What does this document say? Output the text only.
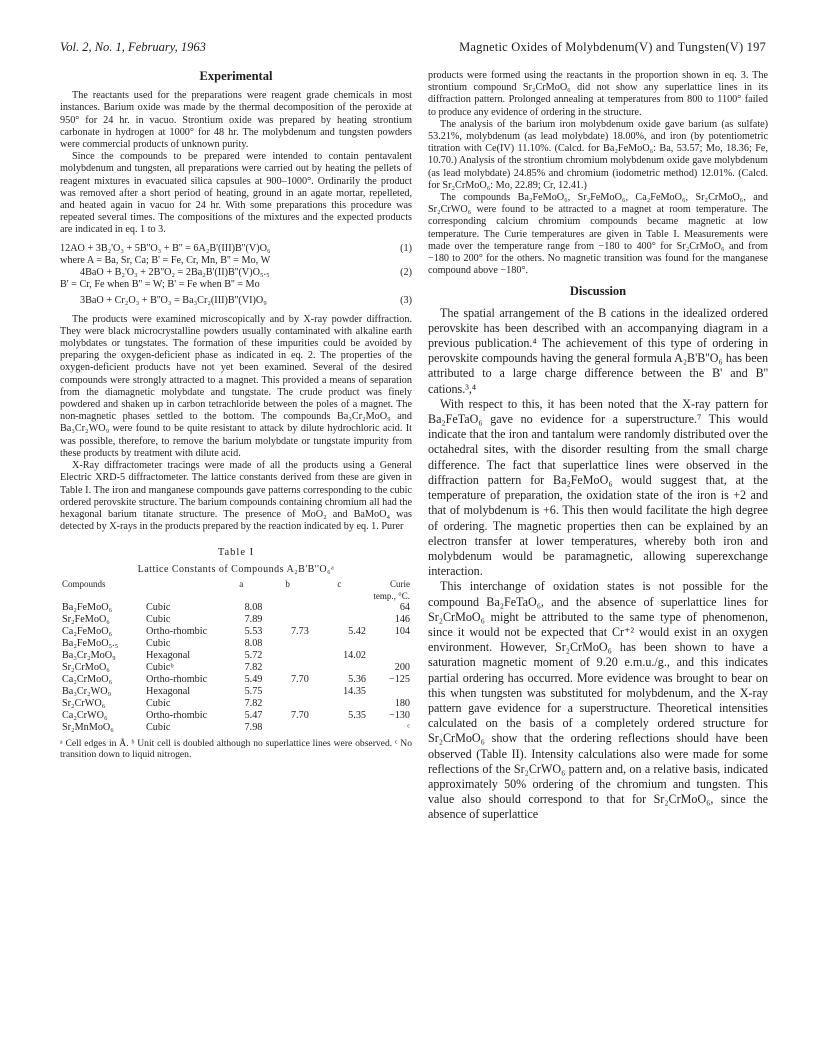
Vol. 2, No. 1, February, 1963	Magnetic Oxides of Molybdenum(V) and Tungsten(V) 197
Experimental

The reactants used for the preparations were reagent grade chemicals in most instances. Barium oxide was made by the thermal decomposition of the peroxide at 950° for 24 hr. in vacuo. Strontium oxide was prepared by heating strontium carbonate in hydrogen at 1000° for 48 hr. The molybdenum and tungsten powders were commercial products of unknown purity.

Since the compounds to be prepared were intended to contain pentavalent molybdenum and tungsten, all preparations were carried out by heating the pellets of reagent mixtures in evacuated silica capsules at 900–1000°. Ordinarily the product was removed after a short period of heating, ground in an agate mortar, repelleted, and heated again in vacuo for 24 hr. With some preparations this procedure was repeated several times. The compositions of the mixtures and the expected products are indicated in eq. 1 to 3.

12AO + 3B₂'O₃ + 5B''O₃ + B'' = 6A₂B'(III)B''(V)O₆	(1)
where A = Ba, Sr, Ca; B' = Fe, Cr, Mn, B'' = Mo, W
4BaO + B₂'O₃ + 2B''O₂ = 2Ba₂B'(II)B''(V)O₅.₅	(2)
B' = Cr, Fe when B'' = W; B' = Fe when B'' = Mo
3BaO + Cr₂O₃ + B''O₃ = Ba₃Cr₂(III)B''(VI)O₉	(3)

The products were examined microscopically and by X-ray powder diffraction. They were black microcrystalline powders usually contaminated with alkaline earth molybdates or tungstates. The formation of these impurities could be avoided by preparing the oxygen-deficient phase as indicated in eq. 2. The properties of the oxygen-deficient products have not yet been examined. Several of the desired compounds were strongly attracted to a magnet. This provided a means of separation from the diamagnetic molybdate and tungstate. The crude product was finely powdered and shaken up in carbon tetrachloride between the poles of a magnet. The non-magnetic phases settled to the bottom. The compounds Ba₃Cr₂MoO₉ and Ba₃Cr₂WO₉ were found to be quite resistant to attack by dilute hydrochloric acid. It was possible, therefore, to remove the barium molybdate or tungstate impurity from these products by treatment with dilute acid.

X-Ray diffractometer tracings were made of all the products using a General Electric XRD-5 diffractometer. The lattice constants derived from these are given in Table I. The iron and manganese compounds gave patterns corresponding to the cubic ordered perovskite structure. The barium compounds containing chromium all had the hexagonal barium titanate structure. The presence of MoO₂ and BaMoO₄ was detected by X-rays in the products prepared by the reaction indicated by eq. 1. Purer

Table I
Lattice Constants of Compounds A₂B'B''O₆ᵃ
Compounds		a	b	c	Curie temp., °C.
Ba₂FeMoO₆	Cubic	8.08			64
Sr₂FeMoO₆	Cubic	7.89			146
Ca₂FeMoO₆	Ortho-rhombic	5.53	7.73	5.42	104
Ba₂FeMoO₅.₅	Cubic	8.08			
Ba₃Cr₂MoO₉	Hexagonal	5.72		14.02	
Sr₂CrMoO₆	Cubicᵇ	7.82			200
Ca₂CrMoO₆	Ortho-rhombic	5.49	7.70	5.36	−125
Ba₃Cr₂WO₉	Hexagonal	5.75		14.35	
Sr₂CrWO₆	Cubic	7.82			180
Ca₂CrWO₆	Ortho-rhombic	5.47	7.70	5.35	−130
Sr₂MnMoO₆	Cubic	7.98			ᶜ
ᵃ Cell edges in Å. ᵇ Unit cell is doubled although no superlattice lines were observed. ᶜ No transition down to liquid nitrogen.

products were formed using the reactants in the proportion shown in eq. 3. The strontium compound Sr₂CrMoO₆ did not show any superlattice lines in its diffraction pattern. Prolonged annealing at temperatures from 800 to 1100° failed to produce any evidence of ordering in the structure.

The analysis of the barium iron molybdenum oxide gave barium (as sulfate) 53.21%, molybdenum (as lead molybdate) 18.00%, and iron (by potentiometric titration with Ce(IV) 11.10%. (Calcd. for Ba₂FeMoO₆: Ba, 53.57; Mo, 18.36; Fe, 10.70.) Analysis of the strontium chromium molybdenum oxide gave molybdenum (as lead molybdate) 24.85% and chromium (iodometric method) 12.01%. (Calcd. for Sr₂CrMoO₆: Mo, 22.89; Cr, 12.41.)

The compounds Ba₂FeMoO₆, Sr₂FeMoO₆, Ca₂FeMoO₆, Sr₂CrMoO₆, and Sr₂CrWO₆ were found to be attracted to a magnet at room temperature. The corresponding calcium chromium compounds became magnetic at low temperature. The Curie temperatures are given in Table I. Measurements were made over the temperature range from −180 to 400° for Sr₂CrMoO₆ and from −180 to 200° for the others. No magnetic transition was found for the manganese compound above −180°.

Discussion

The spatial arrangement of the B cations in the idealized ordered perovskite has been described with an accompanying diagram in a previous publication.⁴ The achievement of this type of ordering in perovskite compounds having the general formula A₂B'B''O₆ has been attributed to a large charge difference between the B' and B'' cations.³,⁴

With respect to this, it has been noted that the X-ray pattern for Ba₂FeTaO₆ gave no evidence for a superstructure.⁷ This would indicate that the iron and tantalum were randomly distributed over the octahedral sites, with the disorder resulting from the small charge difference. The fact that superlattice lines were observed in the diffraction pattern for Ba₂FeMoO₆ would suggest that, at the temperature of preparation, the oxidation state of the iron is +2 and that of molybdenum is +6. This then would facilitate the high degree of ordering. The magnetic properties then can be explained by an electron transfer at lower temperatures, whereby both iron and molybdenum would be paramagnetic, allowing superexchange interaction.

This interchange of oxidation states is not possible for the compound Ba₂FeTaO₆, and the absence of superlattice lines for Sr₂CrMoO₆ might be attributed to the same type of phenomenon, since it would not be expected that Cr⁺² would exist in an oxygen environment. However, Sr₂CrMoO₆ has been shown to have a saturation magnetic moment of 9.20 e.m.u./g., and this indicates partial ordering has occurred. More evidence was brought to bear on this when tungsten was substituted for molybdenum, and the X-ray pattern gave evidence for a superstructure. Theoretical intensities calculated on the basis of a completely ordered structure for Sr₂CrMoO₆ show that the ordering reflections should have been observed (Table II). Intensity calculations also were made for some reflections of the Sr₂CrWO₆ pattern and, on a relative basis, indicated approximately 50% ordering of the chromium and tungsten. This value also should correspond to that for Sr₂CrMoO₆, since the absence of superlattice
